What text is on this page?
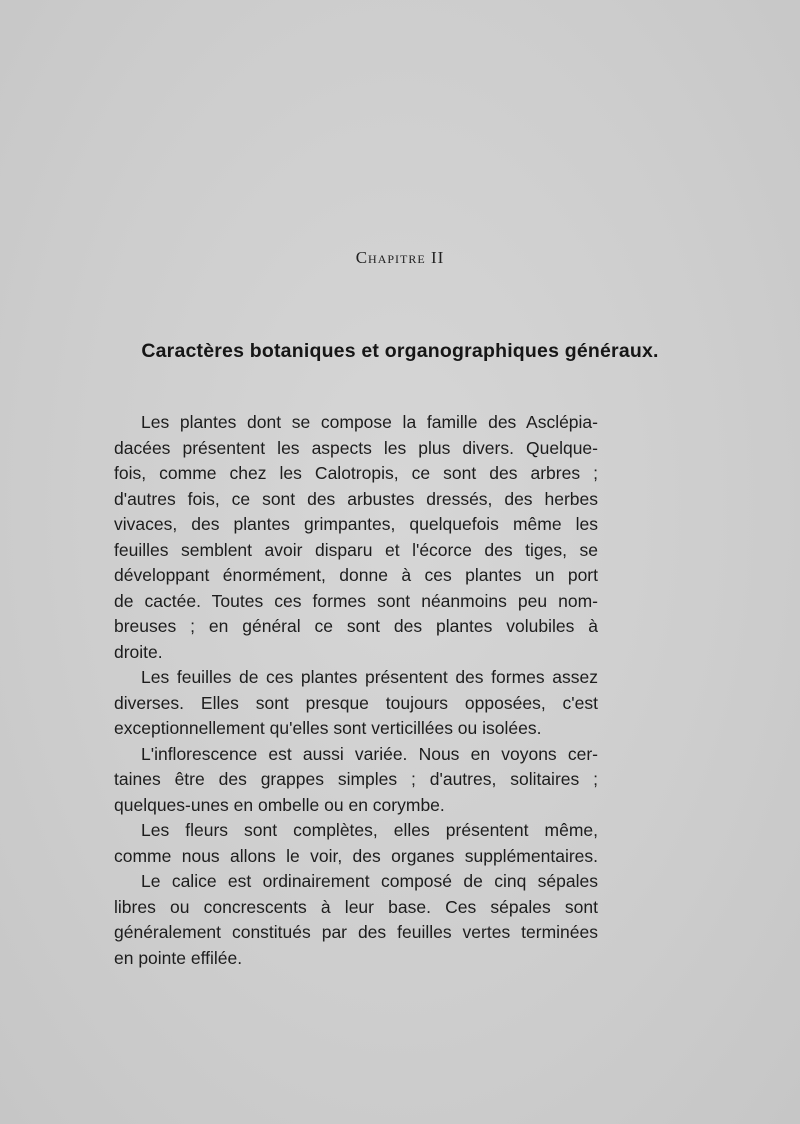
Chapitre II
Caractères botaniques et organographiques généraux.
Les plantes dont se compose la famille des Asclépia-
dacées présentent les aspects les plus divers. Quelque-
fois, comme chez les Calotropis, ce sont des arbres ;
d'autres fois, ce sont des arbustes dressés, des herbes
vivaces, des plantes grimpantes, quelquefois même les
feuilles semblent avoir disparu et l'écorce des tiges, se
développant énormément, donne à ces plantes un port
de cactée. Toutes ces formes sont néanmoins peu nom-
breuses ; en général ce sont des plantes volubiles à
droite.
Les feuilles de ces plantes présentent des formes assez
diverses. Elles sont presque toujours opposées, c'est
exceptionnellement qu'elles sont verticillées ou isolées.
L'inflorescence est aussi variée. Nous en voyons cer-
taines être des grappes simples ; d'autres, solitaires ;
quelques-unes en ombelle ou en corymbe.
Les fleurs sont complètes, elles présentent même,
comme nous allons le voir, des organes supplémentaires.
Le calice est ordinairement composé de cinq sépales
libres ou concrescents à leur base. Ces sépales sont
généralement constitués par des feuilles vertes terminées
en pointe effilée.
